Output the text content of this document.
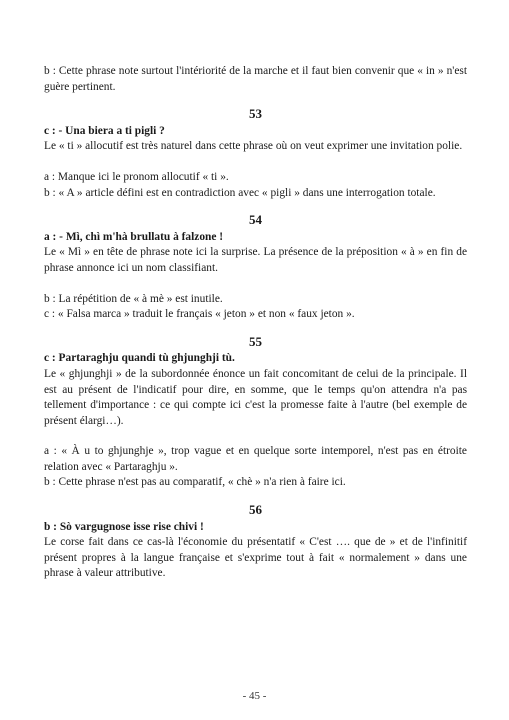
b : Cette phrase note surtout l'intériorité de la marche et il faut bien convenir que « in » n'est guère pertinent.

53

c : - Una biera a ti pigli ?

Le « ti » allocutif est très naturel dans cette phrase où on veut exprimer une invitation polie.

a : Manque ici le pronom allocutif « ti ».

b : « A » article défini est en contradiction avec « pigli » dans une interrogation totale.

54

a : - Mì, chì m'hà brullatu à falzone !

Le « Mì » en tête de phrase note ici la surprise. La présence de la préposition « à » en fin de phrase annonce ici un nom classifiant.

b : La répétition de « à mè » est inutile.

c : « Falsa marca » traduit le français « jeton » et non « faux jeton ».

55

c : Partaraghju quandi tù ghjunghji tù.

Le « ghjunghji » de la subordonnée énonce un fait concomitant de celui de la principale. Il est au présent de l'indicatif pour dire, en somme, que le temps qu'on attendra n'a pas tellement d'importance : ce qui compte ici c'est la promesse faite à l'autre (bel exemple de présent élargi…).

a : « À u to ghjunghje », trop vague et en quelque sorte intemporel, n'est pas en étroite relation avec « Partaraghju ».

b : Cette phrase n'est pas au comparatif, « chè » n'a rien à faire ici.

56

b : Sò vargugnose isse rise chivi !

Le corse fait dans ce cas-là l'économie du présentatif « C'est …. que de » et de l'infinitif présent propres à la langue française et s'exprime tout à fait « normalement » dans une phrase à valeur attributive.

- 45 -
